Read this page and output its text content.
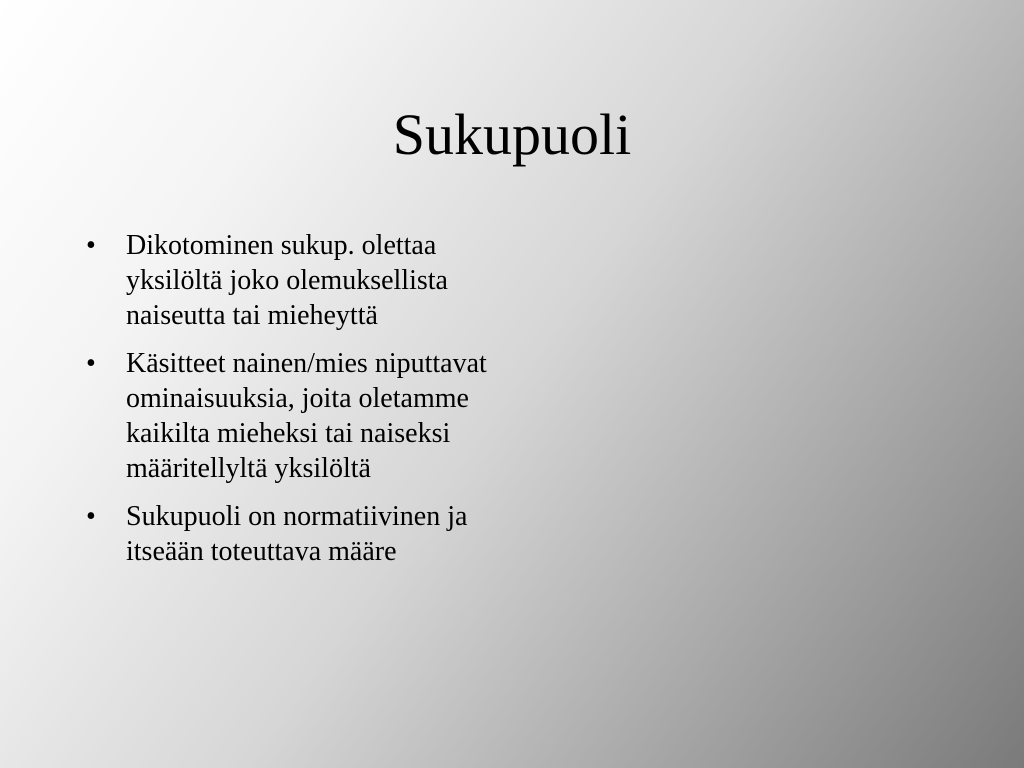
Sukupuoli
• Dikotominen sukup. olettaa yksilöltä joko olemuksellista naiseutta tai mieheyttä
• Käsitteet nainen/mies niputtavat ominaisuuksia, joita oletamme kaikilta mieheksi tai naiseksi määritellyltä yksilöltä
• Sukupuoli on normatiivinen ja itseään toteuttava määre
